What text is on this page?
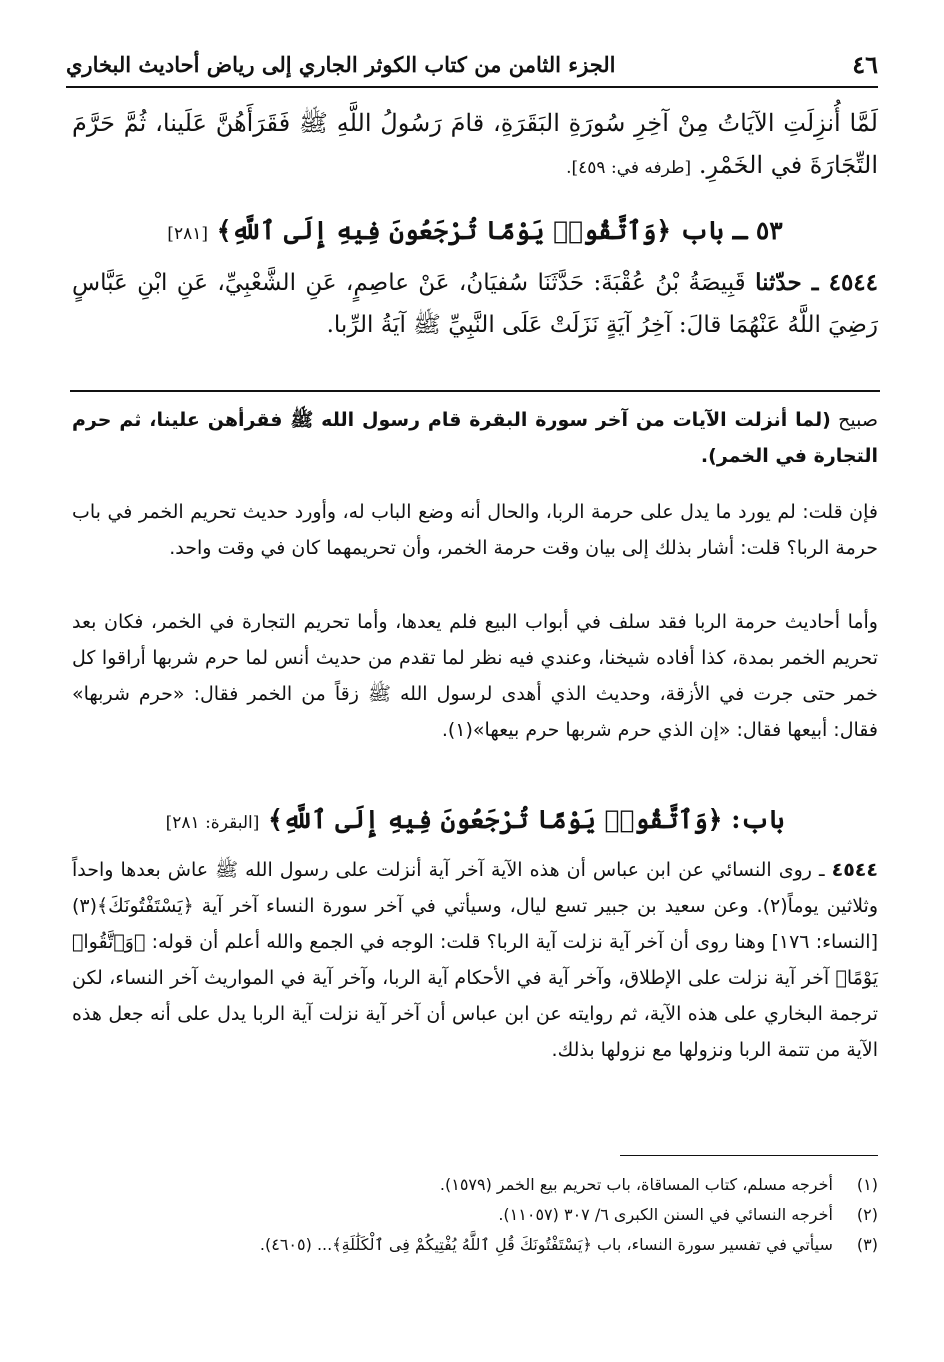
٤٦
الجزء الثامن من كتاب الكوثر الجاري إلى رياض أحاديث البخاري
لَمَّا أُنزِلَتِ الآيَاتُ مِنْ آخِرِ سُورَةِ البَقَرَةِ، قامَ رَسُولُ اللَّهِ ﷺ فَقَرَأَهُنَّ عَلَينا، ثُمَّ حَرَّمَ التِّجَارَةَ في الخَمْرِ. [طرفه في: ٤٥٩].
٥٣ ـ باب ﴿وَٱتَّقُوا۟ يَوْمًا تُرْجَعُونَ فِيهِ إِلَى ٱللَّهِ﴾ [٢٨١]
٤٥٤٤ ـ حدّثنا قَبِيصَةُ بْنُ عُقْبَةَ: حَدَّثَنَا سُفيَانُ، عَنْ عاصِمٍ، عَنِ الشَّعْبِيِّ، عَنِ ابْنِ عَبَّاسٍ رَضِيَ اللَّهُ عَنْهُمَا قالَ: آخِرُ آيَةٍ نَزَلَتْ عَلَى النَّبِيِّ ﷺ آيَةُ الرِّبا.
صبيح (لما أنزلت الآيات من آخر سورة البقرة قام رسول الله ﷺ فقرأهن علينا، ثم حرم التجارة في الخمر).
فإن قلت: لم يورد ما يدل على حرمة الربا، والحال أنه وضع الباب له، وأورد حديث تحريم الخمر في باب حرمة الربا؟ قلت: أشار بذلك إلى بيان وقت حرمة الخمر، وأن تحريمهما كان في وقت واحد.
وأما أحاديث حرمة الربا فقد سلف في أبواب البيع فلم يعدها، وأما تحريم التجارة في الخمر، فكان بعد تحريم الخمر بمدة، كذا أفاده شيخنا، وعندي فيه نظر لما تقدم من حديث أنس لما حرم شربها أراقوا كل خمر حتى جرت في الأزقة، وحديث الذي أهدى لرسول الله ﷺ زقاً من الخمر فقال: «حرم شربها» فقال: أبيعها فقال: «إن الذي حرم شربها حرم بيعها»(١).
باب: ﴿وَٱتَّقُوا۟ يَوْمًا تُرْجَعُونَ فِيهِ إِلَى ٱللَّهِ﴾ [البقرة: ٢٨١]
٤٥٤٤ ـ روى النسائي عن ابن عباس أن هذه الآية آخر آية أنزلت على رسول الله ﷺ عاش بعدها واحداً وثلاثين يوماً(٢). وعن سعيد بن جبير تسع ليال، وسيأتي في آخر سورة النساء آخر آية ﴿يَسْتَفْتُونَكَ﴾(٣) [النساء: ١٧٦] وهنا روى أن آخر آية نزلت آية الربا؟ قلت: الوجه في الجمع والله أعلم أن قوله: ﴿وَٱتَّقُوا۟ يَوْمًا﴾ آخر آية نزلت على الإطلاق، وآخر آية في الأحكام آية الربا، وآخر آية في المواريث آخر النساء، لكن ترجمة البخاري على هذه الآية، ثم روايته عن ابن عباس أن آخر آية نزلت آية الربا يدل على أنه جعل هذه الآية من تتمة الربا ونزولها مع نزولها بذلك.
(١) أخرجه مسلم، كتاب المساقاة، باب تحريم بيع الخمر (١٥٧٩).
(٢) أخرجه النسائي في السنن الكبرى ٦/ ٣٠٧ (١١٠٥٧).
(٣) سيأتي في تفسير سورة النساء، باب ﴿يَسْتَفْتُونَكَ قُلِ ٱللَّهُ يُفْتِيكُمْ فِى ٱلْكَلَٰلَةِ﴾... (٤٦٠٥).
